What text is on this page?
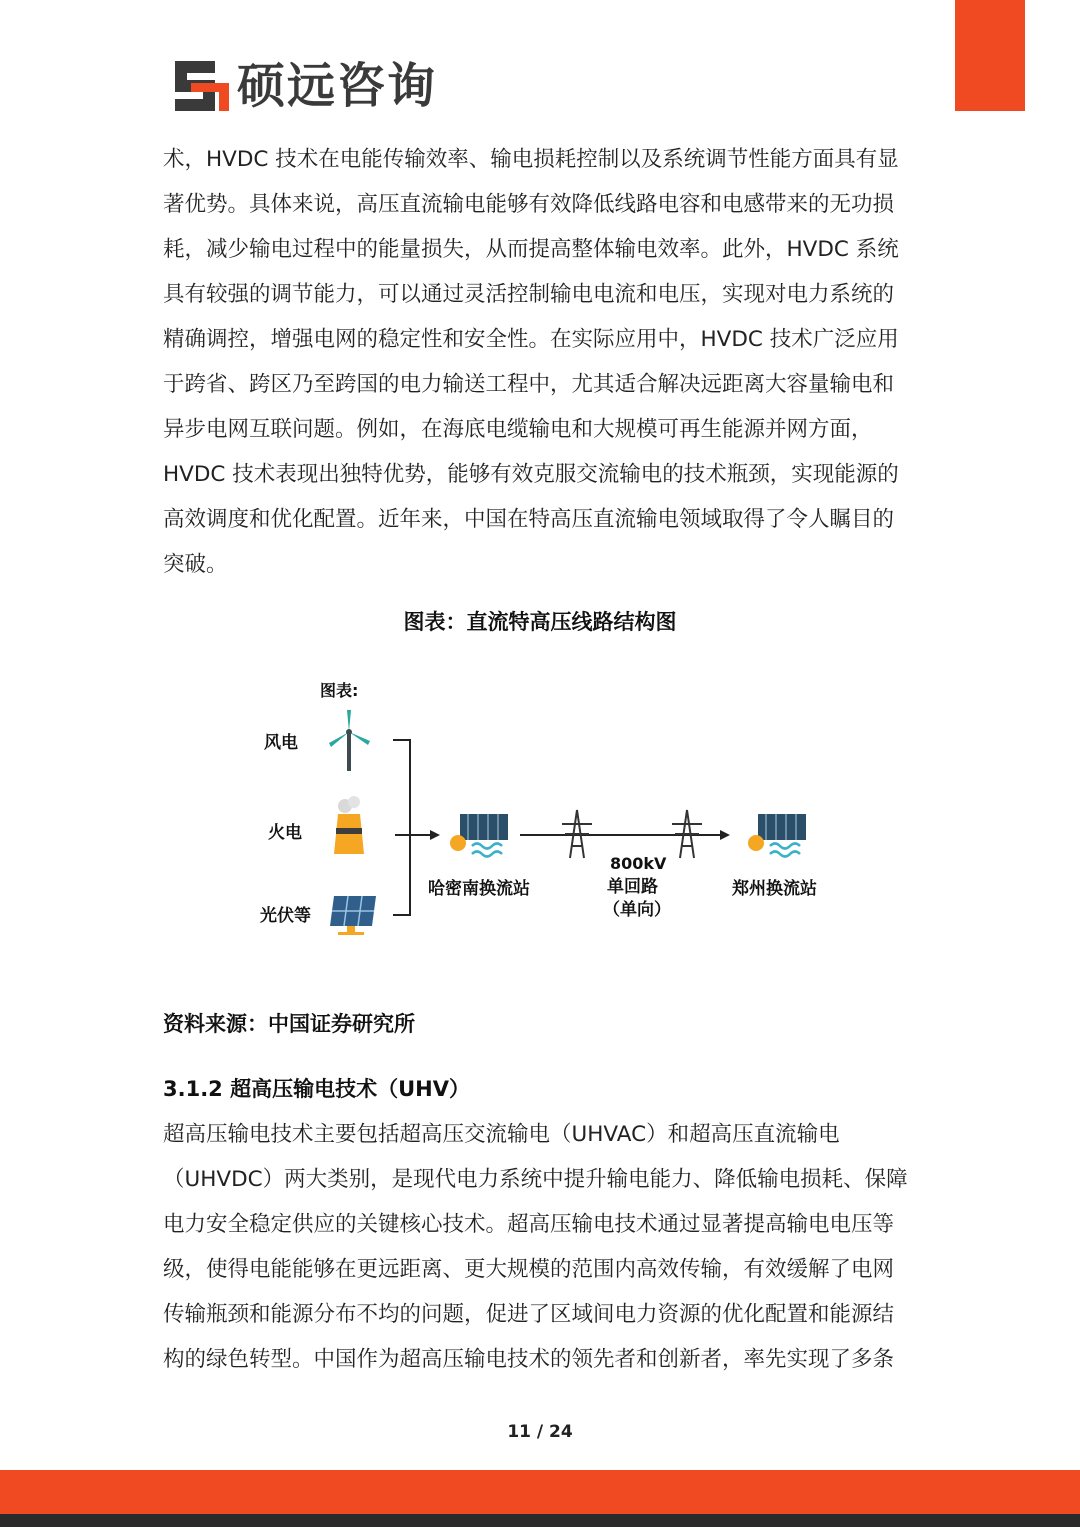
硕远咨询
术，HVDC 技术在电能传输效率、输电损耗控制以及系统调节性能方面具有显
著优势。具体来说，高压直流输电能够有效降低线路电容和电感带来的无功损
耗，减少输电过程中的能量损失，从而提高整体输电效率。此外，HVDC 系统
具有较强的调节能力，可以通过灵活控制输电电流和电压，实现对电力系统的
精确调控，增强电网的稳定性和安全性。在实际应用中，HVDC 技术广泛应用
于跨省、跨区乃至跨国的电力输送工程中，尤其适合解决远距离大容量输电和
异步电网互联问题。例如，在海底电缆输电和大规模可再生能源并网方面，
HVDC 技术表现出独特优势，能够有效克服交流输电的技术瓶颈，实现能源的
高效调度和优化配置。近年来，中国在特高压直流输电领域取得了令人瞩目的
突破。
图表：直流特高压线路结构图
图表:
风电
火电
光伏等
哈密南换流站
800kV
单回路
（单向）
郑州换流站
资料来源：中国证券研究所
3.1.2 超高压输电技术（UHV）
超高压输电技术主要包括超高压交流输电（UHVAC）和超高压直流输电
（UHVDC）两大类别，是现代电力系统中提升输电能力、降低输电损耗、保障
电力安全稳定供应的关键核心技术。超高压输电技术通过显著提高输电电压等
级，使得电能能够在更远距离、更大规模的范围内高效传输，有效缓解了电网
传输瓶颈和能源分布不均的问题，促进了区域间电力资源的优化配置和能源结
构的绿色转型。中国作为超高压输电技术的领先者和创新者，率先实现了多条
11 / 24
